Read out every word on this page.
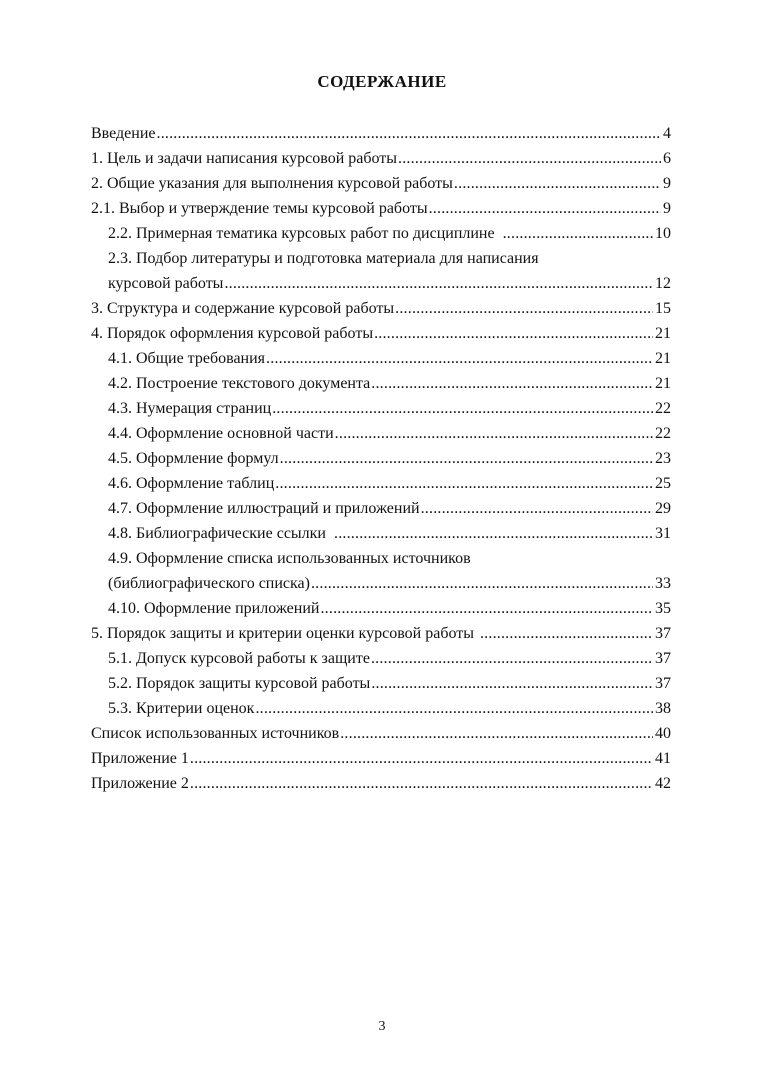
СОДЕРЖАНИЕ
Введение .....	4
1. Цель и задачи написания курсовой работы .....	6
2. Общие указания для выполнения курсовой работы .....	9
2.1. Выбор и утверждение темы курсовой работы .....	9
2.2. Примерная тематика курсовых работ по дисциплине .....	10
2.3. Подбор литературы и подготовка материала для написания
курсовой работы .....	12
3. Структура и содержание курсовой работы .....	15
4. Порядок оформления курсовой работы .....	21
4.1. Общие требования .....	21
4.2. Построение текстового документа .....	21
4.3. Нумерация страниц .....	22
4.4. Оформление основной части .....	22
4.5. Оформление формул .....	23
4.6. Оформление таблиц .....	25
4.7. Оформление иллюстраций и приложений .....	29
4.8. Библиографические ссылки .....	31
4.9. Оформление списка использованных источников
(библиографического списка) .....	33
4.10. Оформление приложений .....	35
5. Порядок защиты и критерии оценки курсовой работы .....	37
5.1. Допуск курсовой работы к защите .....	37
5.2. Порядок защиты курсовой работы .....	37
5.3. Критерии оценок .....	38
Список использованных источников .....	40
Приложение 1 .....	41
Приложение 2 .....	42
3
